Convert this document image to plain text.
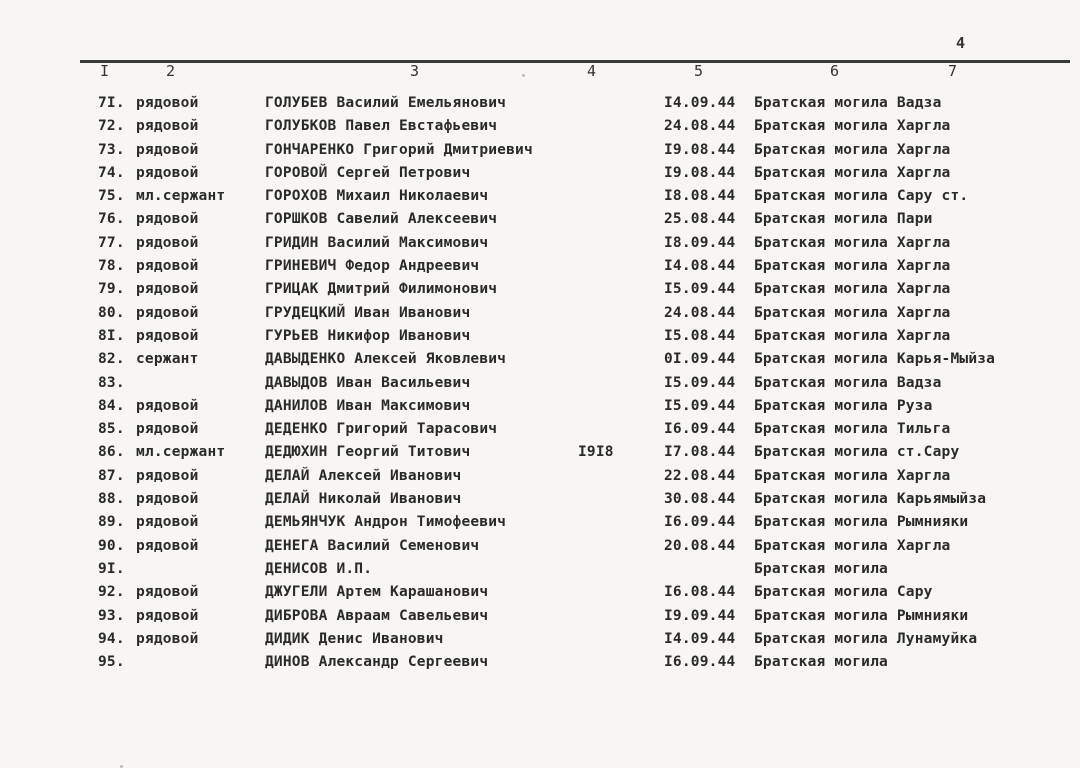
4
I	2	3	4	5	6	7
7I. рядовой	ГОЛУБЕВ Василий Емельянович	I4.09.44 Братская могила Вадза
72. рядовой	ГОЛУБКОВ Павел Евстафьевич	24.08.44 Братская могила Харгла
73. рядовой	ГОНЧАРЕНКО Григорий Дмитриевич	I9.08.44 Братская могила Харгла
74. рядовой	ГОРОВОЙ Сергей Петрович	I9.08.44 Братская могила Харгла
75. мл.сержант	ГОРОХОВ Михаил Николаевич	I8.08.44 Братская могила Сару ст.
76. рядовой	ГОРШКОВ Савелий Алексеевич	25.08.44 Братская могила Пари
77. рядовой	ГРИДИН Василий Максимович	I8.09.44 Братская могила Харгла
78. рядовой	ГРИНЕВИЧ Федор Андреевич	I4.08.44 Братская могила Харгла
79. рядовой	ГРИЦАК Дмитрий Филимонович	I5.09.44 Братская могила Харгла
80. рядовой	ГРУДЕЦКИЙ Иван Иванович	24.08.44 Братская могила Харгла
8I. рядовой	ГУРЬЕВ Никифор Иванович	I5.08.44 Братская могила Харгла
82. сержант	ДАВЫДЕНКО Алексей Яковлевич	0I.09.44 Братская могила Карья-Мыйза
83.	ДАВЫДОВ Иван Васильевич	I5.09.44 Братская могила Вадза
84. рядовой	ДАНИЛОВ Иван Максимович	I5.09.44 Братская могила Руза
85. рядовой	ДЕДЕНКО Григорий Тарасович	I6.09.44 Братская могила Тильга
86. мл.сержант	ДЕДЮХИН Георгий Титович	I9I8	I7.08.44 Братская могила ст.Сару
87. рядовой	ДЕЛАЙ Алексей Иванович	22.08.44 Братская могила Харгла
88. рядовой	ДЕЛАЙ Николай Иванович	30.08.44 Братская могила Карьямыйза
89. рядовой	ДЕМЬЯНЧУК Андрон Тимофеевич	I6.09.44 Братская могила Рымнияки
90. рядовой	ДЕНЕГА Василий Семенович	20.08.44 Братская могила Харгла
9I.	ДЕНИСОВ И.П.	Братская могила
92. рядовой	ДЖУГЕЛИ Артем Карашанович	I6.08.44 Братская могила Сару
93. рядовой	ДИБРОВА Авраам Савельевич	I9.09.44 Братская могила Рымнияки
94. рядовой	ДИДИК Денис Иванович	I4.09.44 Братская могила Лунамуйка
95.	ДИНОВ Александр Сергеевич	I6.09.44 Братская могила
